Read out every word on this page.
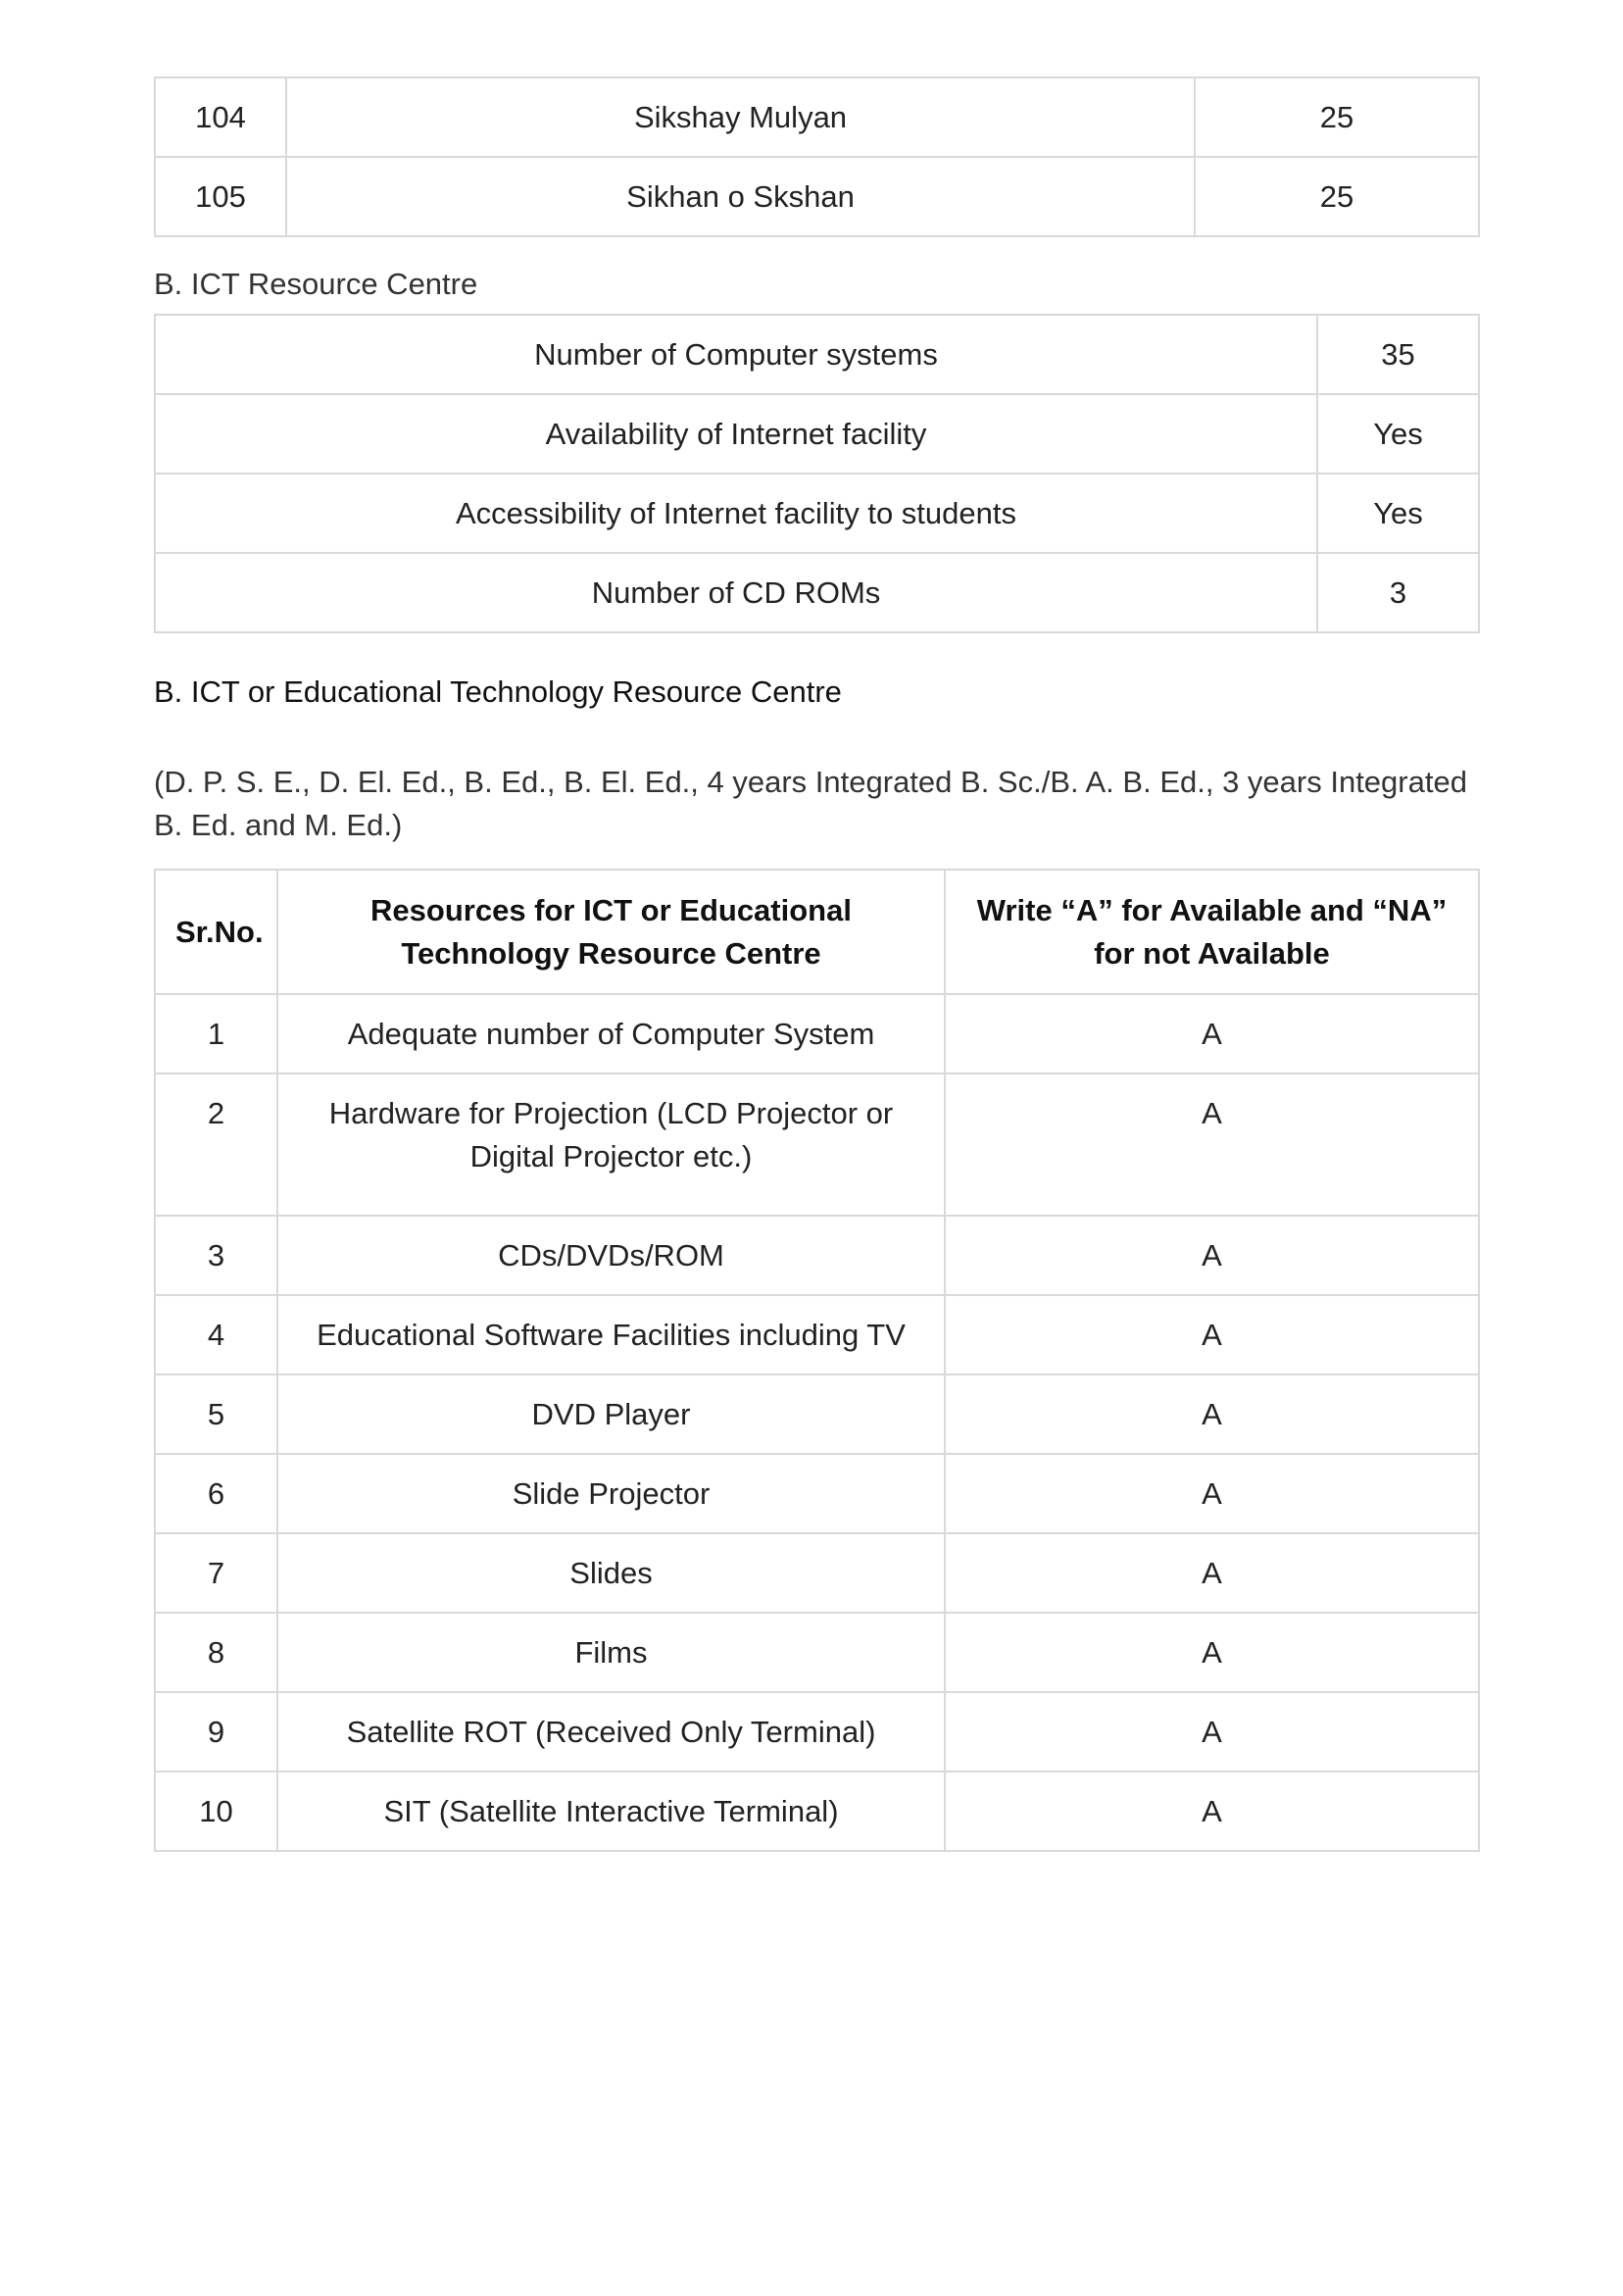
104	Sikshay Mulyan	25
105	Sikhan o Skshan	25

B. ICT Resource Centre

Number of Computer systems	35
Availability of Internet facility	Yes
Accessibility of Internet facility to students	Yes
Number of CD ROMs	3

B. ICT or Educational Technology Resource Centre

(D. P. S. E., D. El. Ed., B. Ed., B. El. Ed., 4 years Integrated B. Sc./B. A. B. Ed., 3 years Integrated B. Ed. and M. Ed.)

Sr.No.	Resources for ICT or Educational Technology Resource Centre	Write “A” for Available and “NA” for not Available
1	Adequate number of Computer System	A
2	Hardware for Projection (LCD Projector or Digital Projector etc.)	A
3	CDs/DVDs/ROM	A
4	Educational Software Facilities including TV	A
5	DVD Player	A
6	Slide Projector	A
7	Slides	A
8	Films	A
9	Satellite ROT (Received Only Terminal)	A
10	SIT (Satellite Interactive Terminal)	A
